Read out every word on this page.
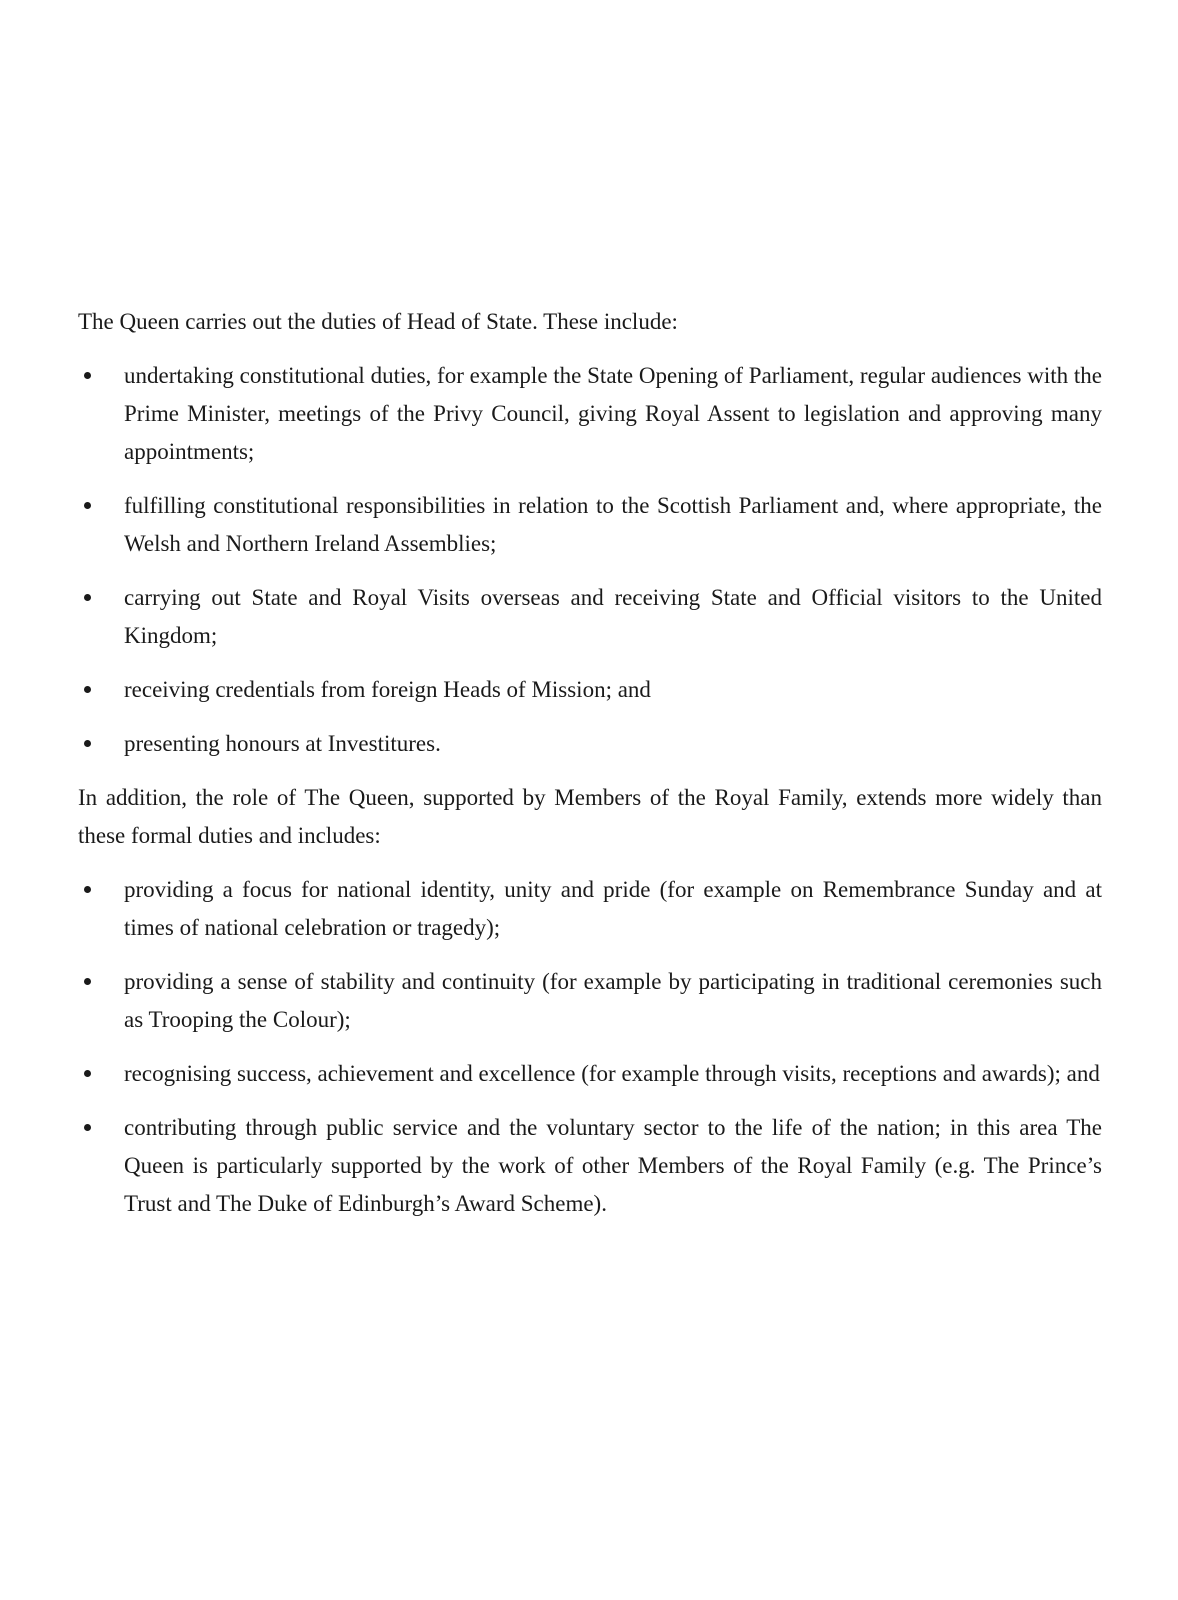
The Queen carries out the duties of Head of State. These include:

undertaking constitutional duties, for example the State Opening of Parliament, regular audiences with the Prime Minister, meetings of the Privy Council, giving Royal Assent to legislation and approving many appointments;
fulfilling constitutional responsibilities in relation to the Scottish Parliament and, where appropriate, the Welsh and Northern Ireland Assemblies;
carrying out State and Royal Visits overseas and receiving State and Official visitors to the United Kingdom;
receiving credentials from foreign Heads of Mission; and
presenting honours at Investitures.

In addition, the role of The Queen, supported by Members of the Royal Family, extends more widely than these formal duties and includes:

providing a focus for national identity, unity and pride (for example on Remembrance Sunday and at times of national celebration or tragedy);
providing a sense of stability and continuity (for example by participating in traditional ceremonies such as Trooping the Colour);
recognising success, achievement and excellence (for example through visits, receptions and awards); and
contributing through public service and the voluntary sector to the life of the nation; in this area The Queen is particularly supported by the work of other Members of the Royal Family (e.g. The Prince’s Trust and The Duke of Edinburgh’s Award Scheme).
